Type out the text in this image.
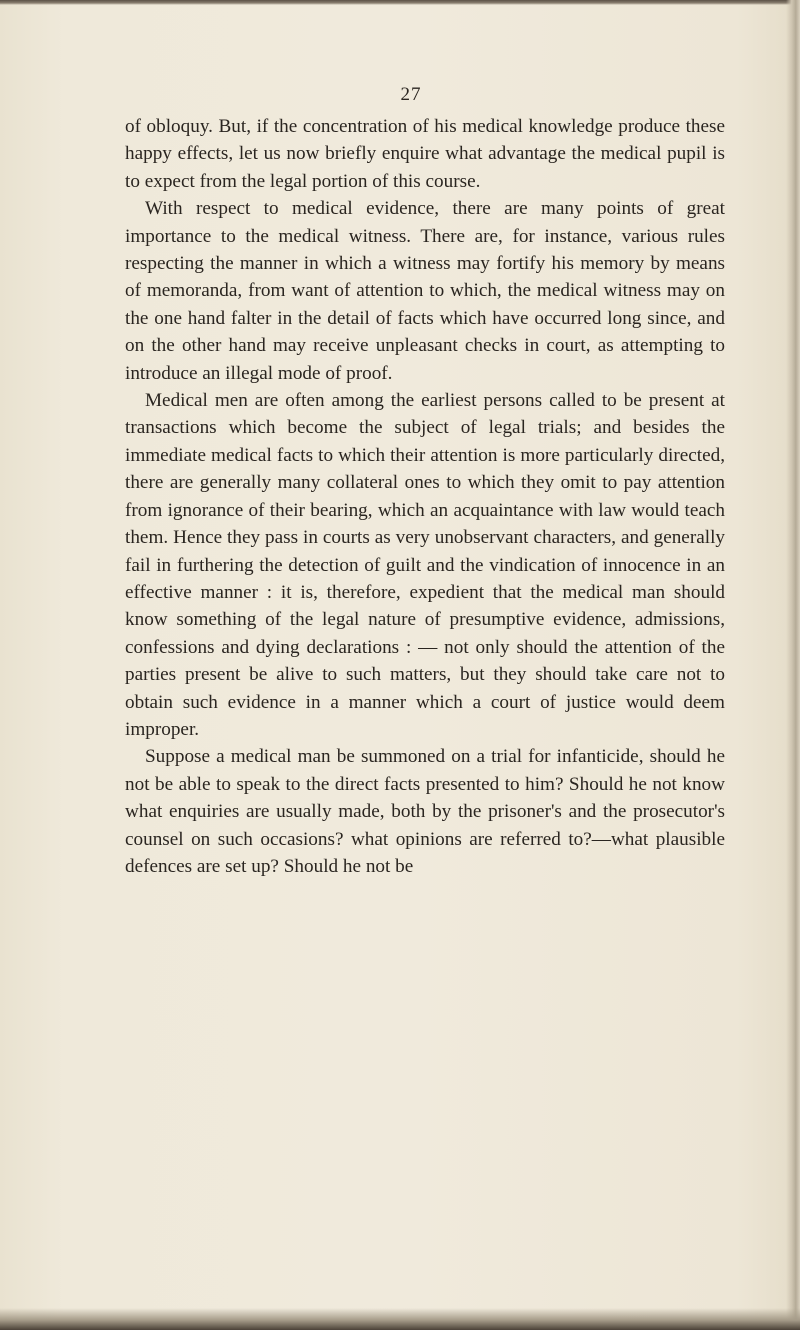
27

of obloquy. But, if the concentration of his medical knowledge produce these happy effects, let us now briefly enquire what advantage the medical pupil is to expect from the legal portion of this course.

With respect to medical evidence, there are many points of great importance to the medical witness. There are, for instance, various rules respecting the manner in which a witness may fortify his memory by means of memoranda, from want of attention to which, the medical witness may on the one hand falter in the detail of facts which have occurred long since, and on the other hand may receive unpleasant checks in court, as attempting to introduce an illegal mode of proof.

Medical men are often among the earliest persons called to be present at transactions which become the subject of legal trials; and besides the immediate medical facts to which their attention is more particularly directed, there are generally many collateral ones to which they omit to pay attention from ignorance of their bearing, which an acquaintance with law would teach them. Hence they pass in courts as very unobservant characters, and generally fail in furthering the detection of guilt and the vindication of innocence in an effective manner : it is, therefore, expedient that the medical man should know something of the legal nature of presumptive evidence, admissions, confessions and dying declarations : — not only should the attention of the parties present be alive to such matters, but they should take care not to obtain such evidence in a manner which a court of justice would deem improper.

Suppose a medical man be summoned on a trial for infanticide, should he not be able to speak to the direct facts presented to him? Should he not know what enquiries are usually made, both by the prisoner's and the prosecutor's counsel on such occasions? what opinions are referred to?—what plausible defences are set up? Should he not be
